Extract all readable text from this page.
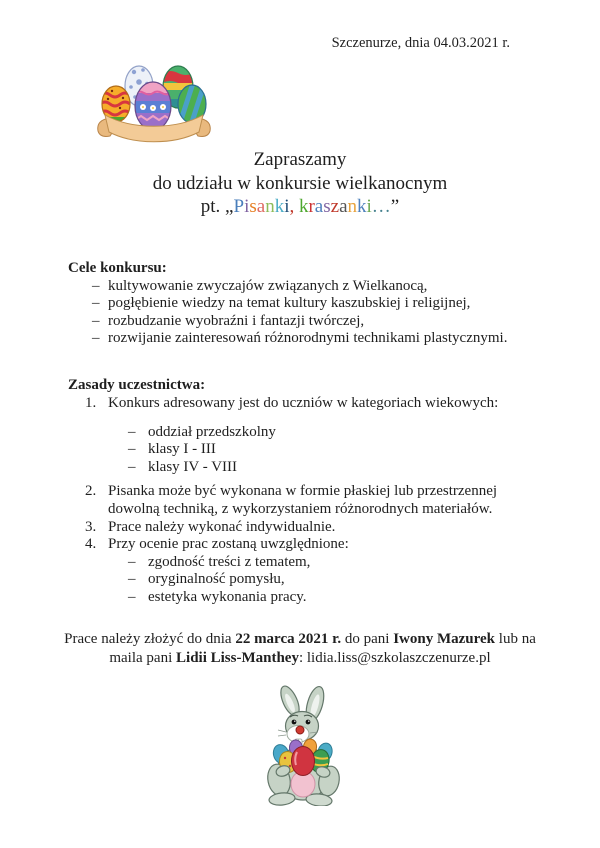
Szczenurze, dnia 04.03.2021 r.
Zapraszamy
do udziału w konkursie wielkanocnym
pt. „Pisanki, kraszanki…”
Cele konkursu:
– kultywowanie zwyczajów związanych z Wielkanocą,
– pogłębienie wiedzy na temat kultury kaszubskiej i religijnej,
– rozbudzanie wyobraźni i fantazji twórczej,
– rozwijanie zainteresowań różnorodnymi technikami plastycznymi.
Zasady uczestnictwa:
1. Konkurs adresowany jest do uczniów w kategoriach wiekowych:
– oddział przedszkolny
– klasy I - III
– klasy IV - VIII
2. Pisanka może być wykonana w formie płaskiej lub przestrzennej dowolną techniką, z wykorzystaniem różnorodnych materiałów.
3. Prace należy wykonać indywidualnie.
4. Przy ocenie prac zostaną uwzględnione:
– zgodność treści z tematem,
– oryginalność pomysłu,
– estetyka wykonania pracy.
Prace należy złożyć do dnia 22 marca 2021 r. do pani Iwony Mazurek lub na
maila pani Lidii Liss-Manthey: lidia.liss@szkolaszczenurze.pl
